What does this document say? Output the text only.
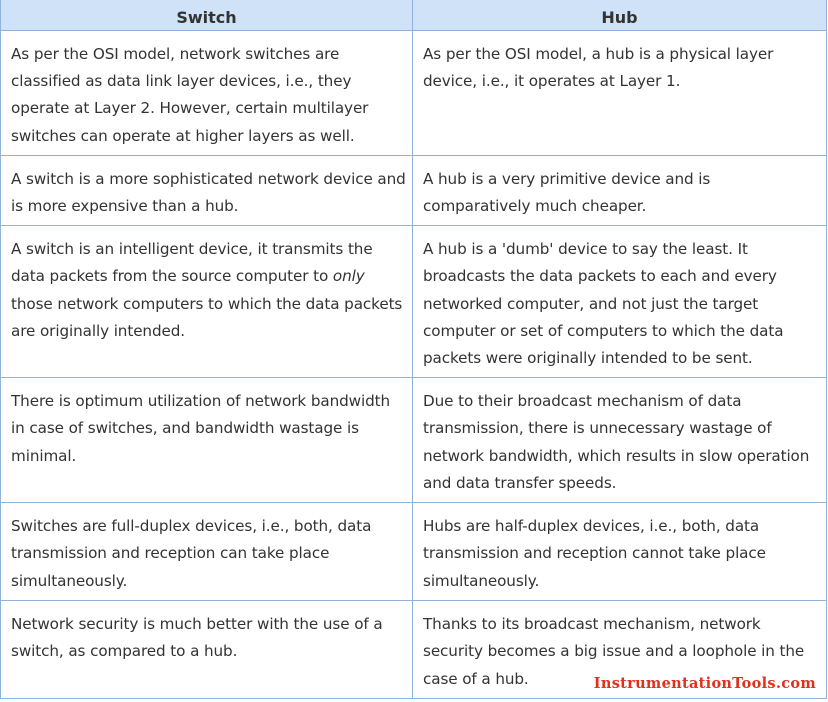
Switch	Hub
As per the OSI model, network switches are classified as data link layer devices, i.e., they operate at Layer 2. However, certain multilayer switches can operate at higher layers as well.	As per the OSI model, a hub is a physical layer device, i.e., it operates at Layer 1.
A switch is a more sophisticated network device and is more expensive than a hub.	A hub is a very primitive device and is comparatively much cheaper.
A switch is an intelligent device, it transmits the data packets from the source computer to only those network computers to which the data packets are originally intended.	A hub is a 'dumb' device to say the least. It broadcasts the data packets to each and every networked computer, and not just the target computer or set of computers to which the data packets were originally intended to be sent.
There is optimum utilization of network bandwidth in case of switches, and bandwidth wastage is minimal.	Due to their broadcast mechanism of data transmission, there is unnecessary wastage of network bandwidth, which results in slow operation and data transfer speeds.
Switches are full-duplex devices, i.e., both, data transmission and reception can take place simultaneously.	Hubs are half-duplex devices, i.e., both, data transmission and reception cannot take place simultaneously.
Network security is much better with the use of a switch, as compared to a hub.	Thanks to its broadcast mechanism, network security becomes a big issue and a loophole in the case of a hub.	InstrumentationTools.com
